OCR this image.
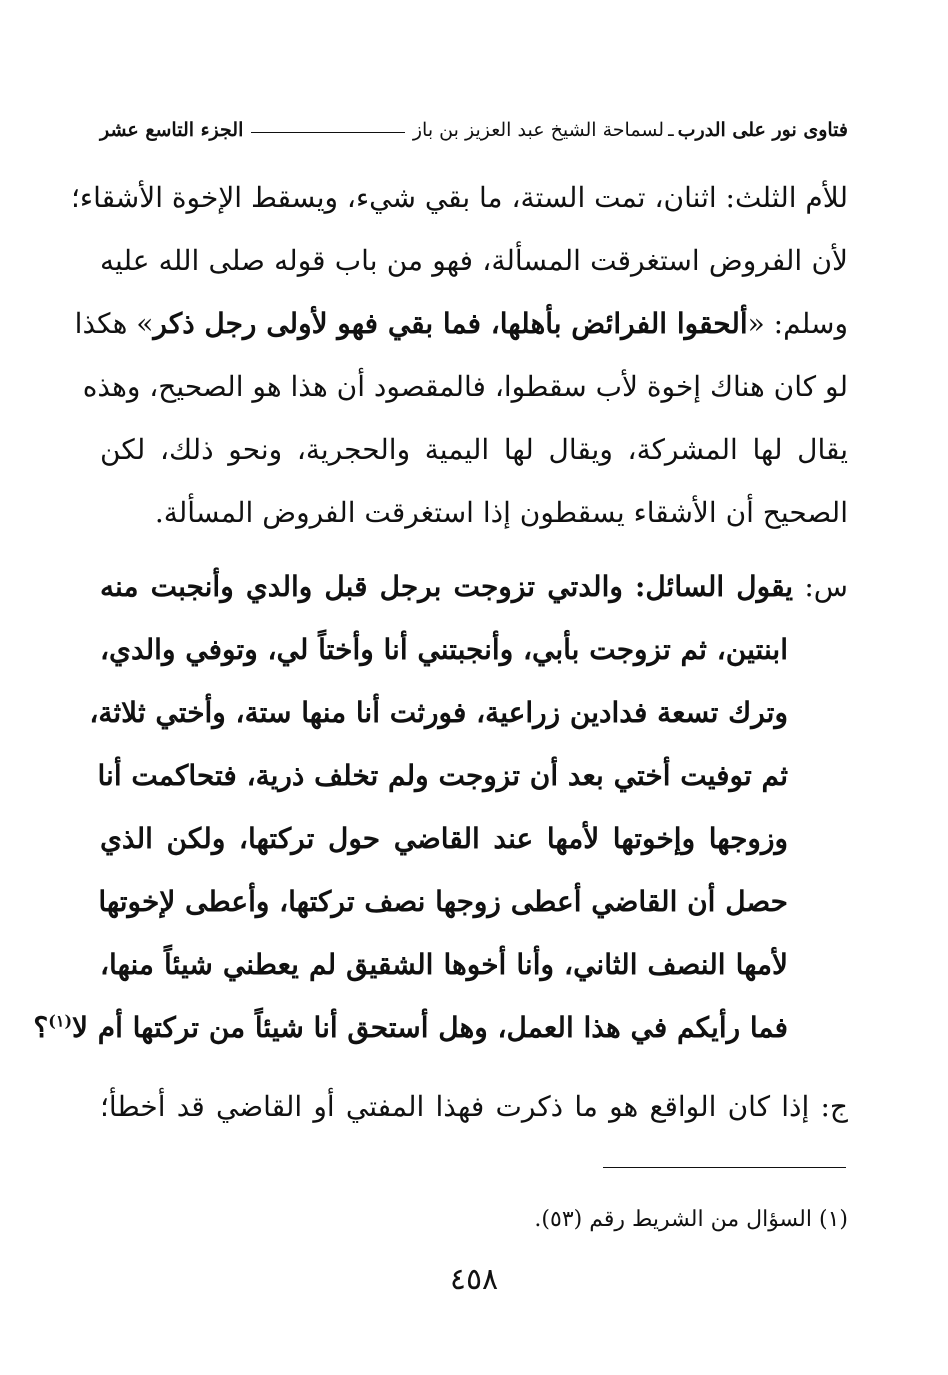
فتاوى نور على الدرب
ـ
لسماحة الشيخ عبد العزيز بن باز
الجزء التاسع عشر
للأم الثلث: اثنان، تمت الستة، ما بقي شيء، ويسقط الإخوة الأشقاء؛
لأن الفروض استغرقت المسألة، فهو من باب قوله صلى الله عليه
وسلم: «ألحقوا الفرائض بأهلها، فما بقي فهو لأولى رجل ذكر» هكذا
لو كان هناك إخوة لأب سقطوا، فالمقصود أن هذا هو الصحيح، وهذه
يقال لها المشركة، ويقال لها اليمية والحجرية، ونحو ذلك، لكن
الصحيح أن الأشقاء يسقطون إذا استغرقت الفروض المسألة.
س: يقول السائل: والدتي تزوجت برجل قبل والدي وأنجبت منه
ابنتين، ثم تزوجت بأبي، وأنجبتني أنا وأختاً لي، وتوفي والدي،
وترك تسعة فدادين زراعية، فورثت أنا منها ستة، وأختي ثلاثة،
ثم توفيت أختي بعد أن تزوجت ولم تخلف ذرية، فتحاكمت أنا
وزوجها وإخوتها لأمها عند القاضي حول تركتها، ولكن الذي
حصل أن القاضي أعطى زوجها نصف تركتها، وأعطى لإخوتها
لأمها النصف الثاني، وأنا أخوها الشقيق لم يعطني شيئاً منها،
فما رأيكم في هذا العمل، وهل أستحق أنا شيئاً من تركتها أم لا$^{(١)}$؟
ج: إذا كان الواقع هو ما ذكرت فهذا المفتي أو القاضي قد أخطأ؛
(١) السؤال من الشريط رقم (٥٣).
٤٥٨
